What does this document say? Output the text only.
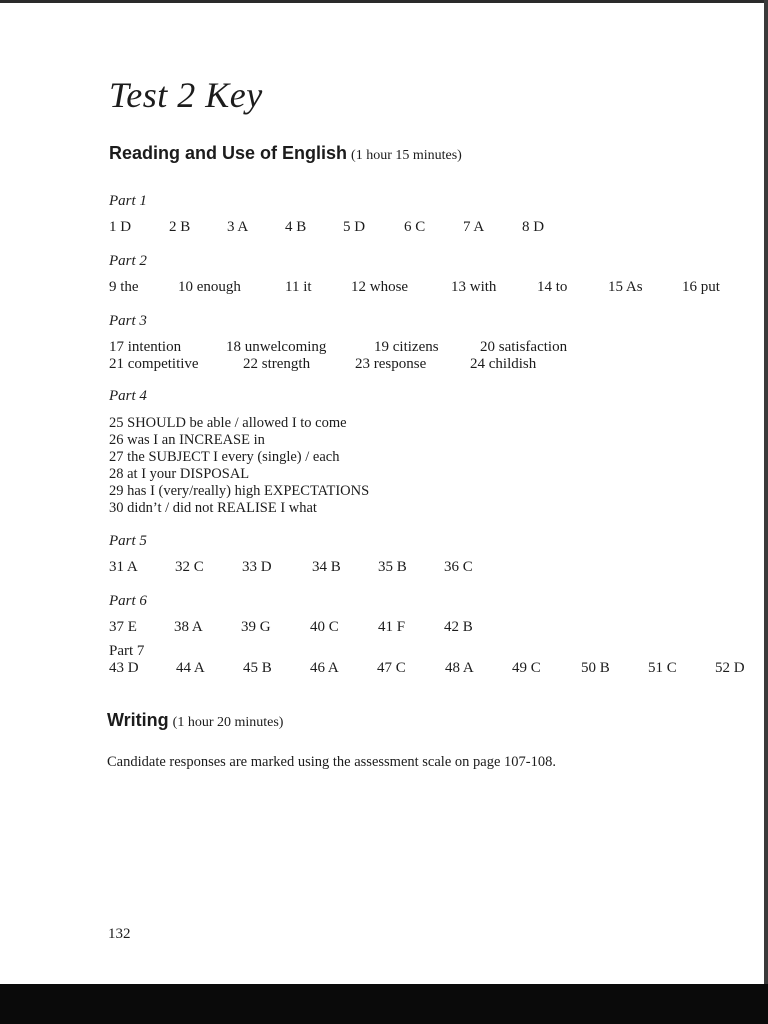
Test 2 Key
Reading and Use of English (1 hour 15 minutes)
Part 1
1 D	2 B 3 A 4 B 5 D	6 C	7 A	8 D
Part 2
9 the	10 enough	11 it	12 whose	13 with	14 to	15 As	16 put
Part 3
17 intention	18 unwelcoming	19 citizens	20 satisfaction
21 competitive	22 strength	23 response	24 childish
Part 4
25 SHOULD be able / allowed I to come
26 was I an INCREASE in
27 the SUBJECT I every (single) / each
28 at I your DISPOSAL
29 has I (very/really) high EXPECTATIONS
30 didn’t / did not REALISE I what
Part 5
31 A 32 C	33 D	34 B 35 B 36 C
Part 6
37 E 38 A	39 G	40 C	41 F	42 B
Part 7
43 D 44 A	45 B	46 A	47 C	48 A	49 C	50 B	51 C	52 D
Writing (1 hour 20 minutes)
Candidate responses are marked using the assessment scale on page 107-108.
132
